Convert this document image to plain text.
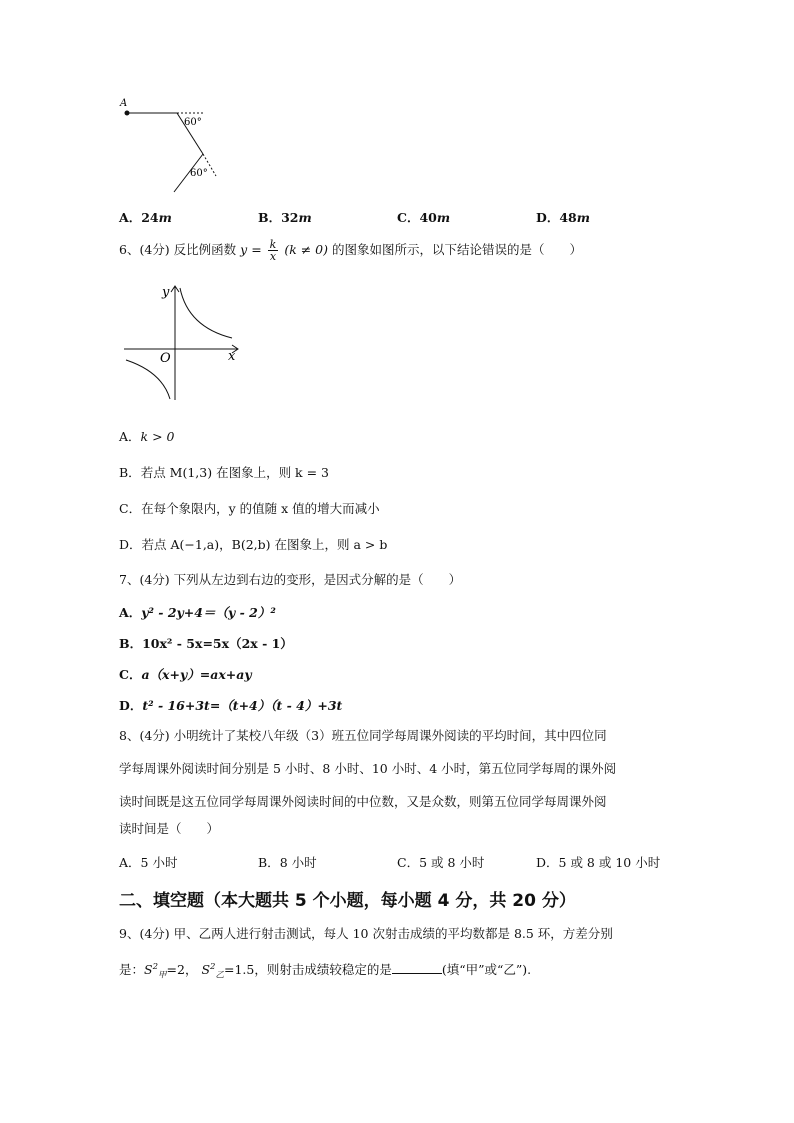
A
60°
60°
A．24m	B．32m	C．40m	D．48m
6、(4分) 反比例函数 $y = \frac{k}{x} (k \ne 0)$ 的图象如图所示，以下结论错误的是（　　）
x
y
O
A．k > 0
B．若点 M(1,3) 在图象上，则 k = 3
C．在每个象限内，y 的值随 x 值的增大而减小
D．若点 A(−1,a)，B(2,b) 在图象上，则 a > b
7、(4分) 下列从左边到右边的变形，是因式分解的是（　　）
A．y² - 2y+4＝（y - 2）²
B．10x² - 5x=5x（2x - 1）
C．a（x+y）=ax+ay
D．t² - 16+3t=（t+4）（t - 4）+3t
8、(4分) 小明统计了某校八年级（3）班五位同学每周课外阅读的平均时间，其中四位同
学每周课外阅读时间分别是 5 小时、8 小时、10 小时、4 小时，第五位同学每周的课外阅
读时间既是这五位同学每周课外阅读时间的中位数，又是众数，则第五位同学每周课外阅
读时间是（　　）
A．5 小时	B．8 小时	C．5 或 8 小时	D．5 或 8 或 10 小时
二、填空题（本大题共 5 个小题，每小题 4 分，共 20 分）
9、(4分) 甲、乙两人进行射击测试，每人 10 次射击成绩的平均数都是 8.5 环，方差分别
是：$S^2_甲=2$， $S^2_乙=1.5$，则射击成绩较稳定的是	(填“甲”或“乙”).
